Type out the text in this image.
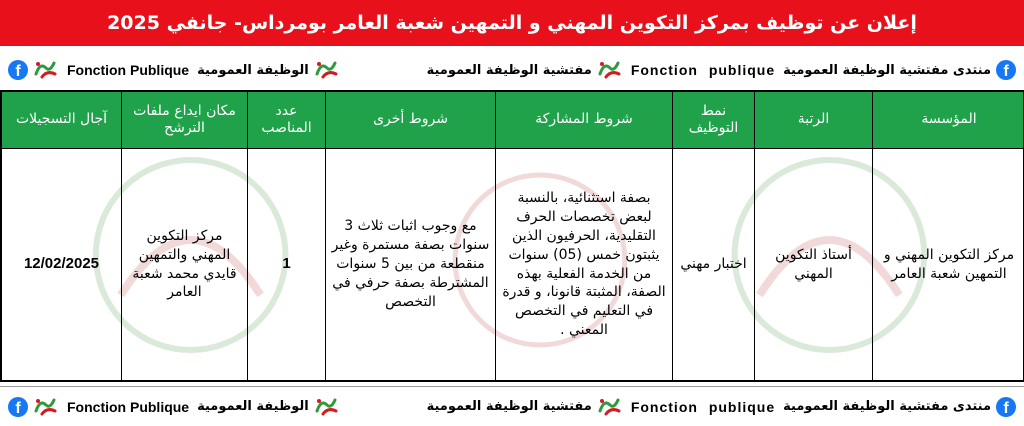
إعلان عن توظيف بمركز التكوين المهني و التمهين شعبة العامر بومرداس- جانفي 2025
f
منتدى مفتشية الوظيفة العمومية
Fonction publique
مفتشية الوظيفة العمومية
الوظيفة العمومية
Fonction Publique
f
المؤسسة	الرتبة	نمط التوظيف	شروط المشاركة	شروط أخرى	عدد المناصب	مكان ايداع ملفات الترشح	آجال التسجيلات
مركز التكوين المهني و التمهين شعبة العامر	أستاذ التكوين المهني	اختبار مهني	بصفة استثنائية، بالنسبة لبعض تخصصات الحرف التقليدية، الحرفيون الذين يثبتون خمس (05) سنوات من الخدمة الفعلية بهذه الصفة، المثبتة قانونا، و قدرة في التعليم في التخصص المعني .	مع وجوب اثبات ثلاث 3 سنوات بصفة مستمرة وغير منقطعة من بين 5 سنوات المشترطة بصفة حرفي في التخصص	1	مركز التكوين المهني والتمهين قايدي محمد شعبة العامر	12/02/2025
f
منتدى مفتشية الوظيفة العمومية
Fonction publique
مفتشية الوظيفة العمومية
الوظيفة العمومية
Fonction Publique
f
